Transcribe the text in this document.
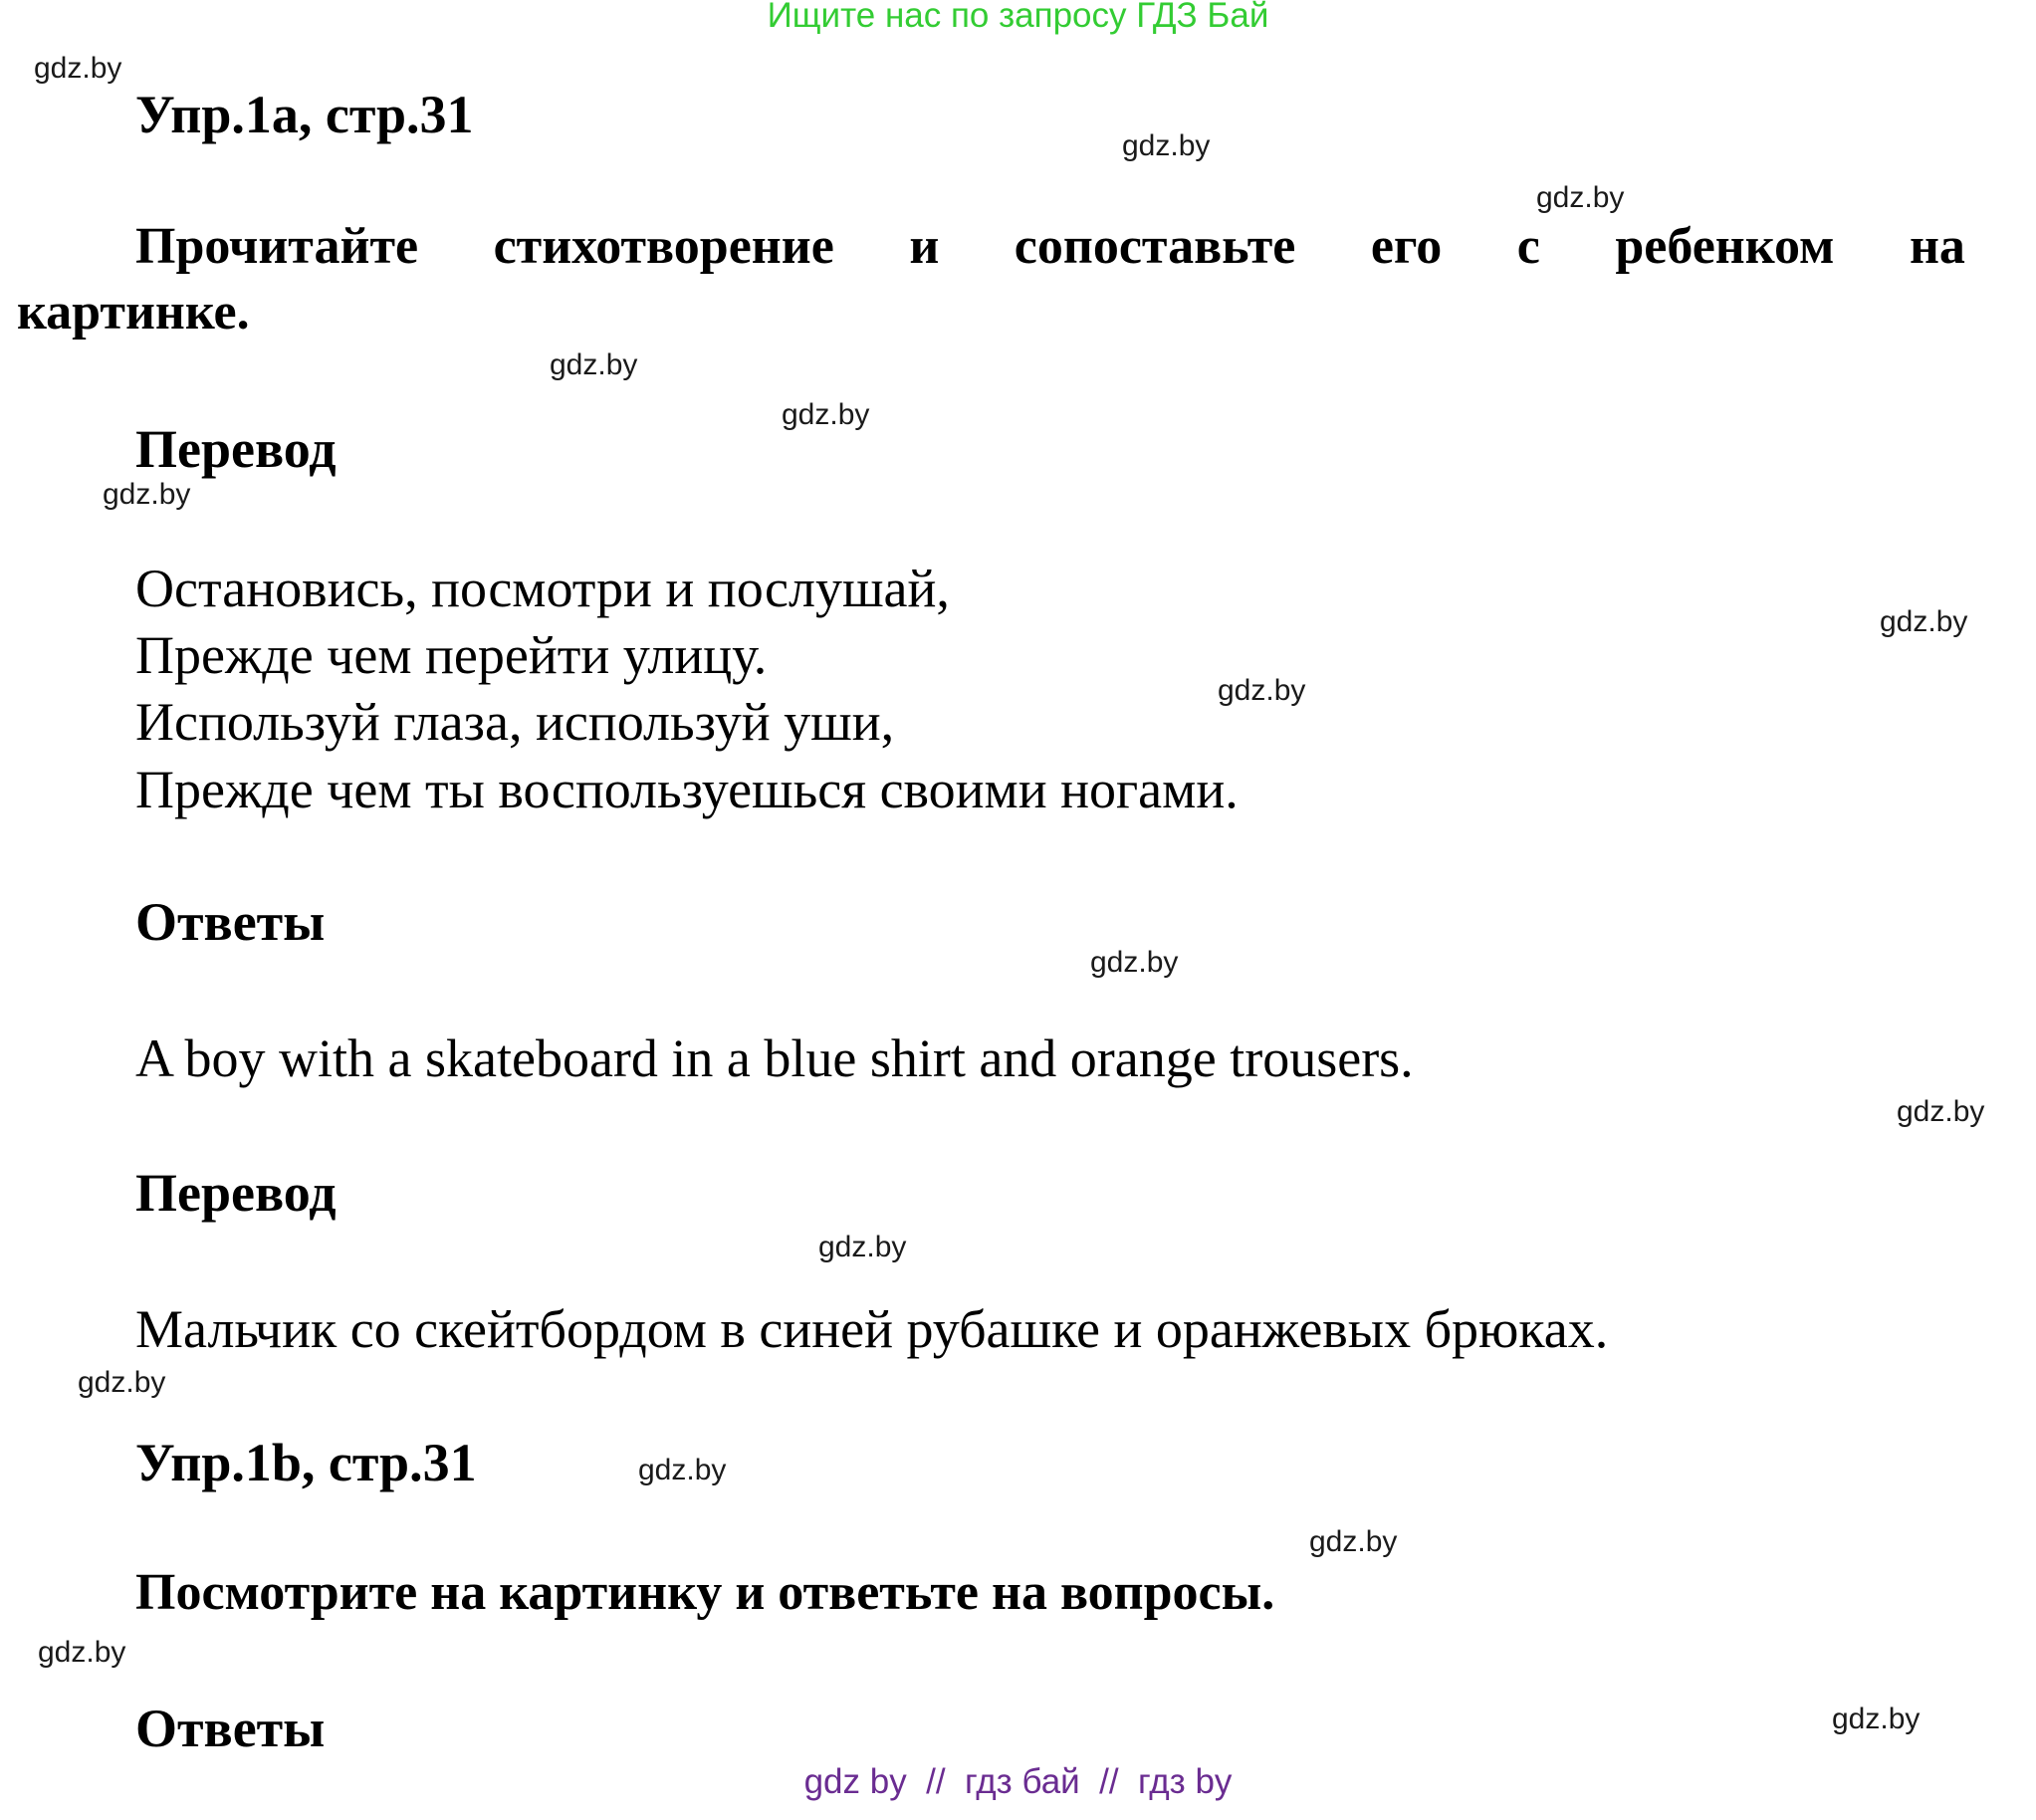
Ищите нас по запросу ГДЗ Бай
Упр.1а, стр.31
Прочитайте стихотворение и сопоставьте его с ребенком на
картинке.
Перевод
Остановись, посмотри и послушай,
Прежде чем перейти улицу.
Используй глаза, используй уши,
Прежде чем ты воспользуешься своими ногами.
Ответы
A boy with a skateboard in a blue shirt and orange trousers.
Перевод
Мальчик со скейтбордом в синей рубашке и оранжевых брюках.
Упр.1b, стр.31
Посмотрите на картинку и ответьте на вопросы.
Ответы
gdz.by
gdz.by
gdz.by
gdz.by
gdz.by
gdz.by
gdz.by
gdz.by
gdz.by
gdz.by
gdz.by
gdz.by
gdz.by
gdz.by
gdz.by
gdz.by
gdz by  //  гдз бай  //  гдз by
